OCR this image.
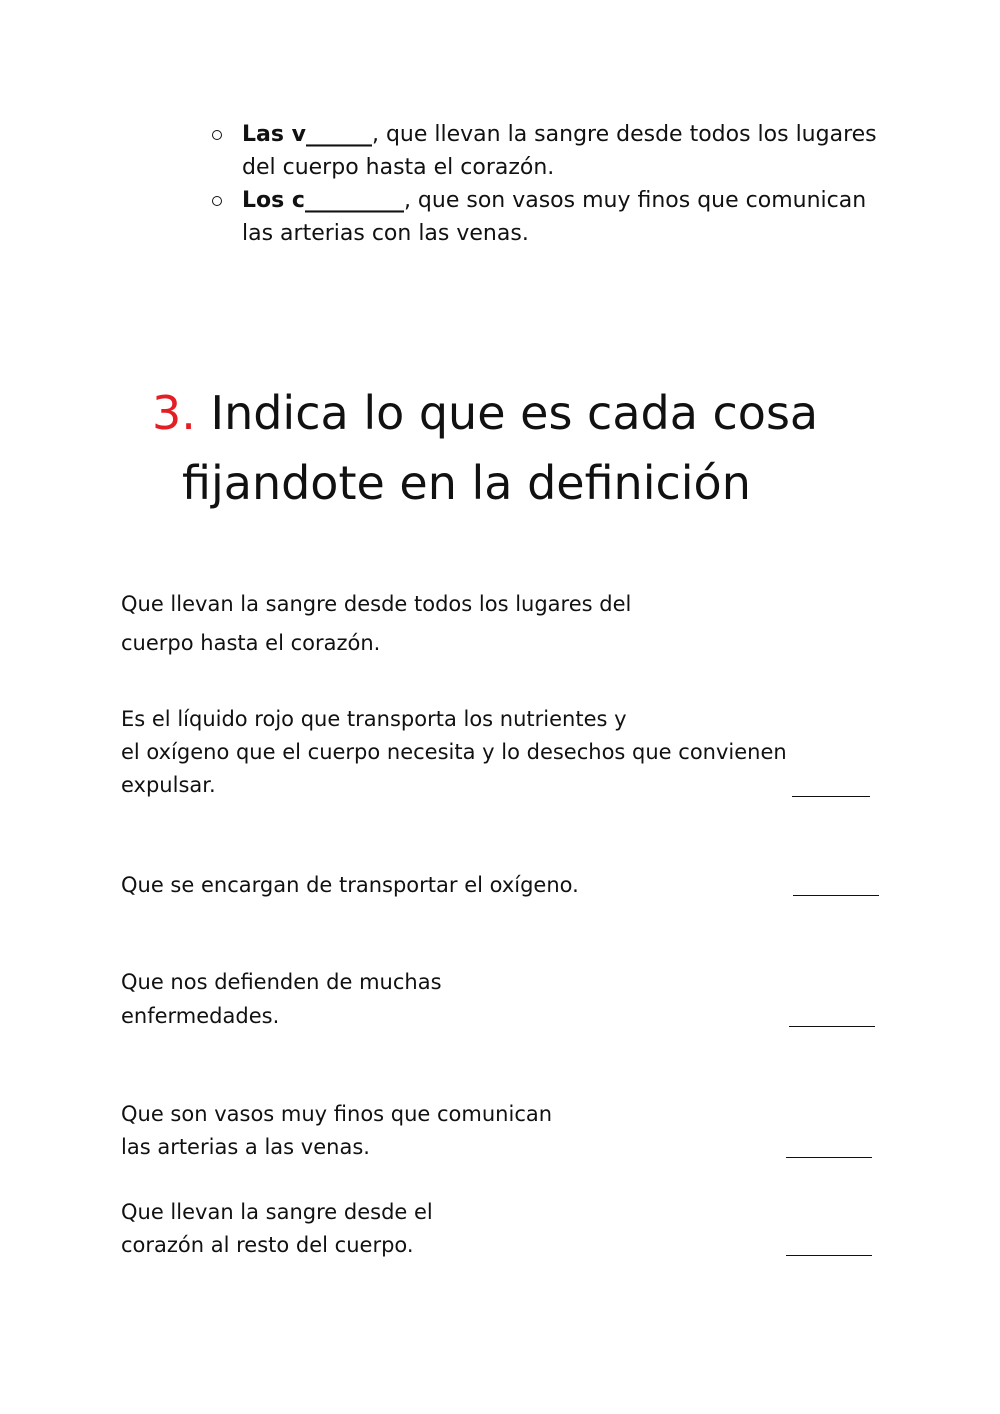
Las v______, que llevan la sangre desde todos los lugares
del cuerpo hasta el corazón.
Los c_________, que son vasos muy finos que comunican
las arterias con las venas.
3. Indica lo que es cada cosa
fijandote en la definición
Que llevan la sangre desde todos los lugares del
cuerpo hasta el corazón.
Es el líquido rojo que transporta los nutrientes y
el oxígeno que el cuerpo necesita y lo desechos que convienen
expulsar.
Que se encargan de transportar el oxígeno.
Que nos defienden de muchas
enfermedades.
Que son vasos muy finos que comunican
las arterias a las venas.
Que llevan la sangre desde el
corazón al resto del cuerpo.
